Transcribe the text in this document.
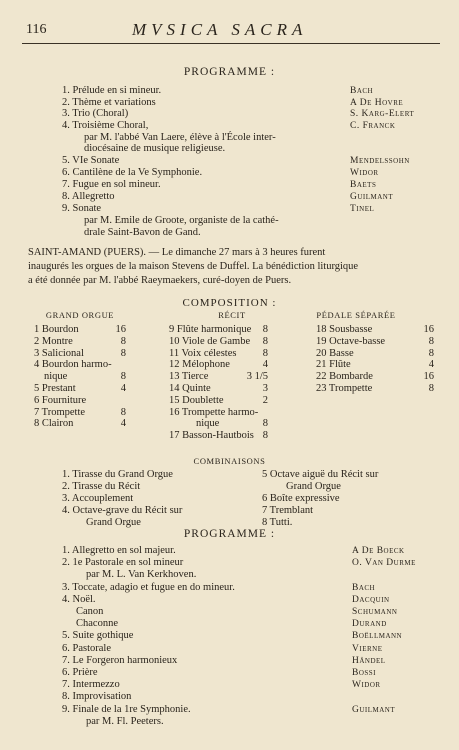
116	MVSICA SACRA
PROGRAMME :
1. Prélude en si mineur.	Bach
2. Thème et variations	A De Hovre
3. Trio (Choral)	S. Karg-Elert
4. Troisième Choral,	C. Franck
par M. l'abbé Van Laere, élève à l'École inter-
diocésaine de musique religieuse.
5. VIe Sonate	Mendelssohn
6. Cantilène de la Ve Symphonie.	Widor
7. Fugue en sol mineur.	Baets
8. Allegretto	Guilmant
9. Sonate	Tinel
par M. Emile de Groote, organiste de la cathé-
drale Saint-Bavon de Gand.
SAINT-AMAND (PUERS). — Le dimanche 27 mars à 3 heures furent
inaugurés les orgues de la maison Stevens de Duffel. La bénédiction liturgique
a été donnée par M. l'abbé Raeymaekers, curé-doyen de Puers.
COMPOSITION :
GRAND ORGUE
1 Bourdon	16
2 Montre	8
3 Salicional	8
4 Bourdon harmo-
nique	8
5 Prestant	4
6 Fourniture
7 Trompette	8
8 Clairon	4
RÉCIT
9 Flûte harmonique	8
10 Viole de Gambe	8
11 Voix célestes	8
12 Mélophone	4
13 Tierce	3 1/5
14 Quinte	3
15 Doublette	2
16 Trompette harmo-
nique	8
17 Basson-Hautbois 8
PÉDALE SÉPARÉE
18 Sousbasse	16
19 Octave-basse	8
20 Basse	8
21 Flûte	4
22 Bombarde	16
23 Trompette	8
COMBINAISONS
1. Tirasse du Grand Orgue
2. Tirasse du Récit
3. Accouplement
4. Octave-grave du Récit sur
Grand Orgue
5 Octave aiguë du Récit sur
Grand Orgue
6 Boîte expressive
7 Tremblant
8 Tutti.
PROGRAMME :
1. Allegretto en sol majeur.	A De Boeck
2. 1e Pastorale en sol mineur	O. Van Durme
par M. L. Van Kerkhoven.
3. Toccate, adagio et fugue en do mineur.	Bach
4. Noël.	Dacquin
Canon	Schumann
Chaconne	Durand
5. Suite gothique	Boëllmann
6. Pastorale	Vierne
7. Le Forgeron harmonieux	Händel
6. Prière	Bossi
7. Intermezzo	Widor
8. Improvisation
9. Finale de la 1re Symphonie.	Guilmant
par M. Fl. Peeters.
